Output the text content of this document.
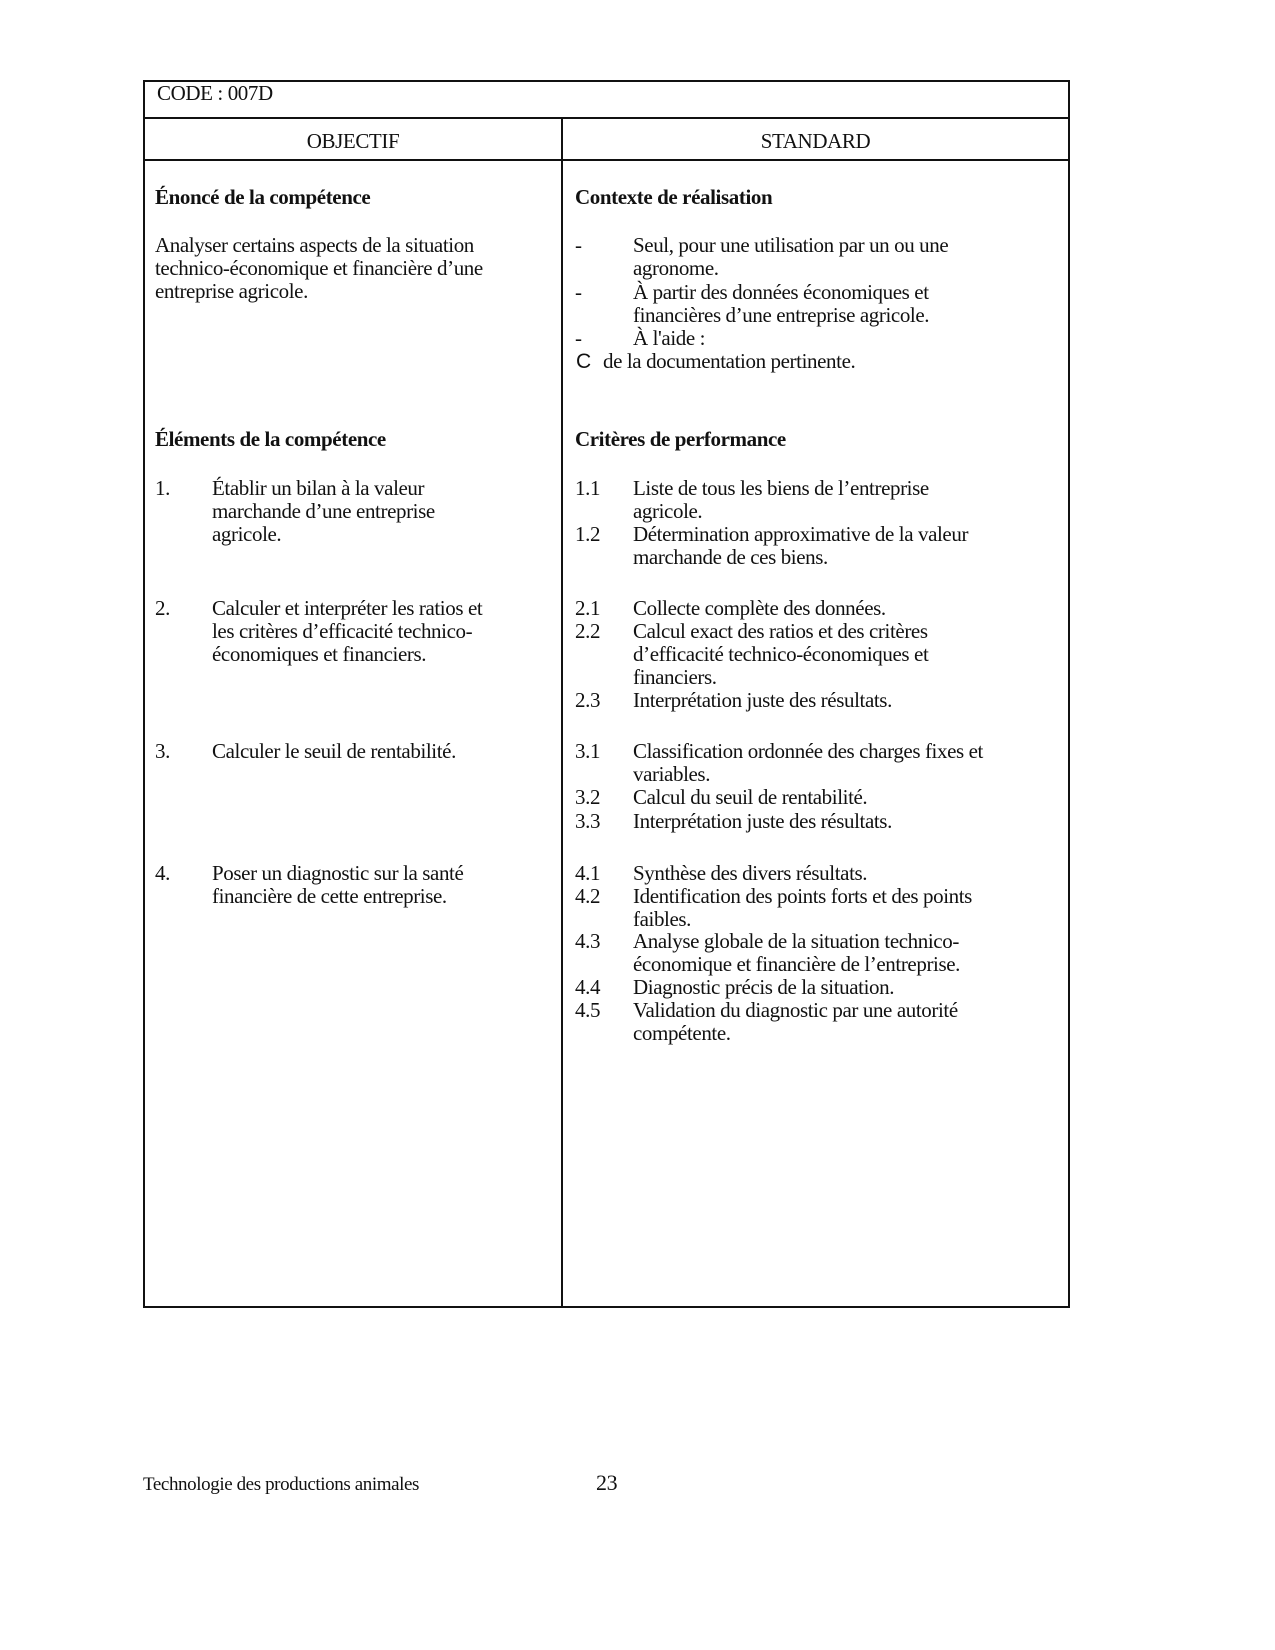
CODE : 007D
OBJECTIF	STANDARD
Énoncé de la compétence
Analyser certains aspects de la situation
technico-économique et financière d’une
entreprise agricole.
Éléments de la compétence
1. Établir un bilan à la valeur
marchande d’une entreprise
agricole.
2. Calculer et interpréter les ratios et
les critères d’efficacité technico-
économiques et financiers.
3. Calculer le seuil de rentabilité.
4. Poser un diagnostic sur la santé
financière de cette entreprise.
Contexte de réalisation
- Seul, pour une utilisation par un ou une
agronome.
- À partir des données économiques et
financières d’une entreprise agricole.
- À l'aide :
C de la documentation pertinente.
Critères de performance
1.1 Liste de tous les biens de l’entreprise
agricole.
1.2 Détermination approximative de la valeur
marchande de ces biens.
2.1 Collecte complète des données.
2.2 Calcul exact des ratios et des critères
d’efficacité technico-économiques et
financiers.
2.3 Interprétation juste des résultats.
3.1 Classification ordonnée des charges fixes et
variables.
3.2 Calcul du seuil de rentabilité.
3.3 Interprétation juste des résultats.
4.1 Synthèse des divers résultats.
4.2 Identification des points forts et des points
faibles.
4.3 Analyse globale de la situation technico-
économique et financière de l’entreprise.
4.4 Diagnostic précis de la situation.
4.5 Validation du diagnostic par une autorité
compétente.
Technologie des productions animales	23
